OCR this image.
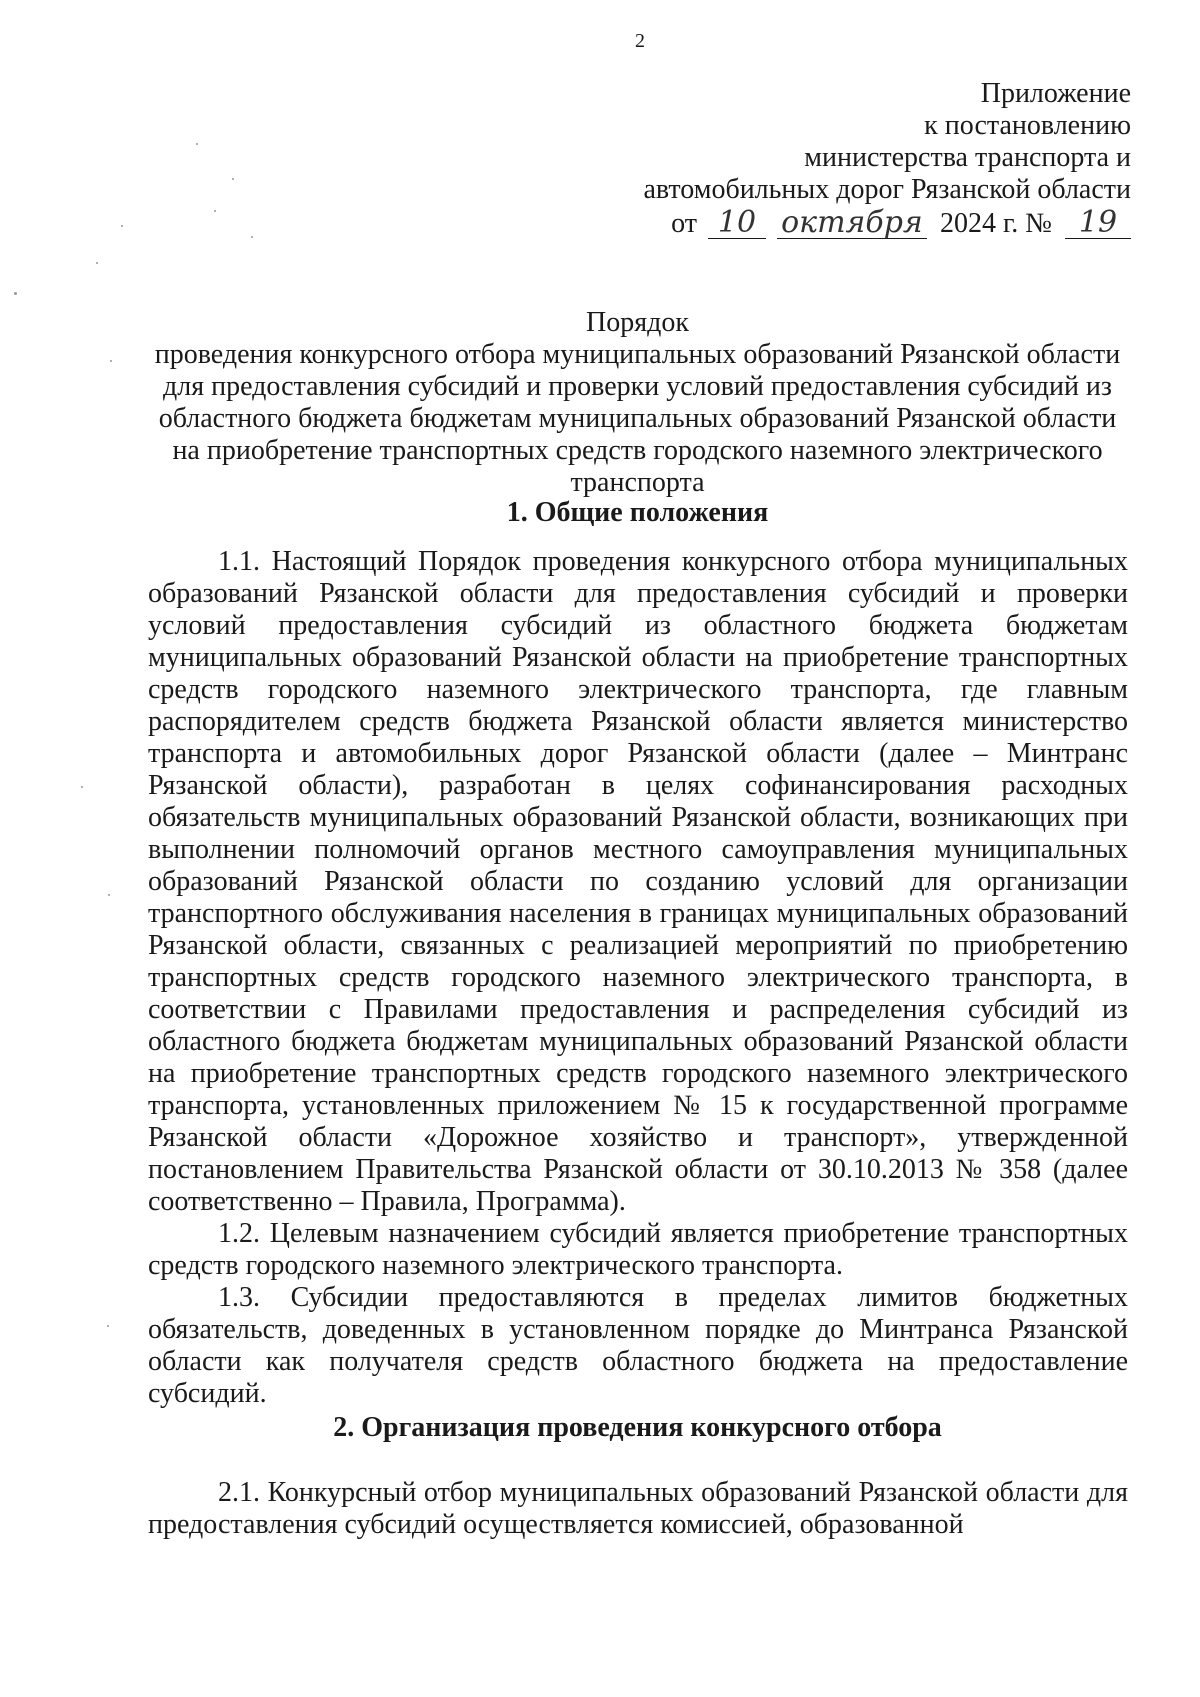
2
Приложение
к постановлению
министерства транспорта и
автомобильных дорог Рязанской области
от 10 октября 2024 г. № 19
Порядок
проведения конкурсного отбора муниципальных образований Рязанской области для предоставления субсидий и проверки условий предоставления субсидий из областного бюджета бюджетам муниципальных образований Рязанской области на приобретение транспортных средств городского наземного электрического транспорта
1. Общие положения

1.1. Настоящий Порядок проведения конкурсного отбора муниципальных образований Рязанской области для предоставления субсидий и проверки условий предоставления субсидий из областного бюджета бюджетам муниципальных образований Рязанской области на приобретение транспортных средств городского наземного электрического транспорта, где главным распорядителем средств бюджета Рязанской области является министерство транспорта и автомобильных дорог Рязанской области (далее – Минтранс Рязанской области), разработан в целях софинансирования расходных обязательств муниципальных образований Рязанской области, возникающих при выполнении полномочий органов местного самоуправления муниципальных образований Рязанской области по созданию условий для организации транспортного обслуживания населения в границах муниципальных образований Рязанской области, связанных с реализацией мероприятий по приобретению транспортных средств городского наземного электрического транспорта, в соответствии с Правилами предоставления и распределения субсидий из областного бюджета бюджетам муниципальных образований Рязанской области на приобретение транспортных средств городского наземного электрического транспорта, установленных приложением № 15 к государственной программе Рязанской области «Дорожное хозяйство и транспорт», утвержденной постановлением Правительства Рязанской области от 30.10.2013 № 358 (далее соответственно – Правила, Программа).

1.2. Целевым назначением субсидий является приобретение транспортных средств городского наземного электрического транспорта.

1.3. Субсидии предоставляются в пределах лимитов бюджетных обязательств, доведенных в установленном порядке до Минтранса Рязанской области как получателя средств областного бюджета на предоставление субсидий.

2. Организация проведения конкурсного отбора

2.1. Конкурсный отбор муниципальных образований Рязанской области для предоставления субсидий осуществляется комиссией, образованной
